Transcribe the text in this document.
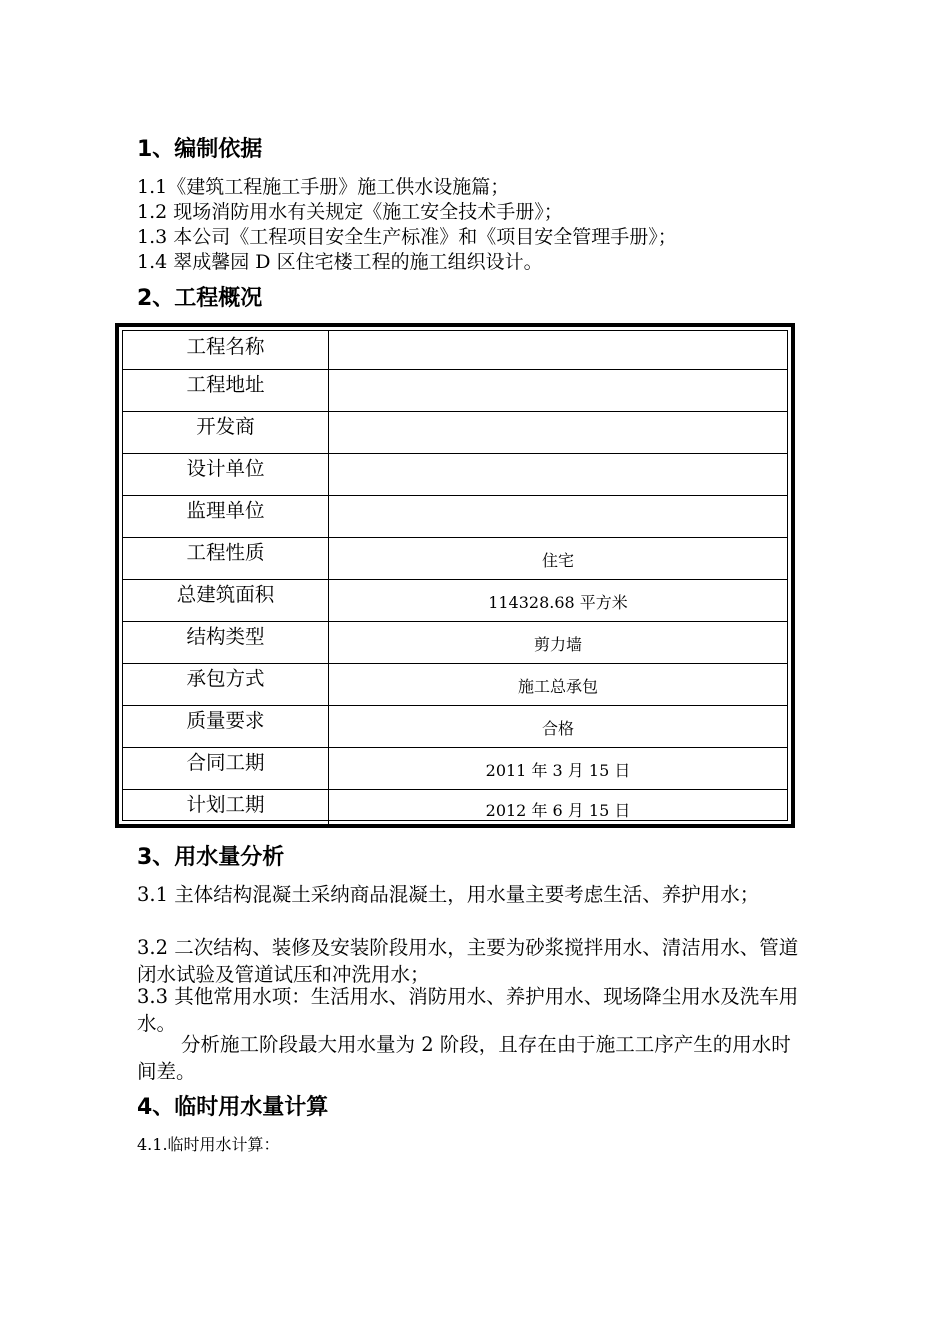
1、编制依据
1.1《建筑工程施工手册》施工供水设施篇；
1.2 现场消防用水有关规定《施工安全技术手册》；
1.3 本公司《工程项目安全生产标准》和《项目安全管理手册》；
1.4 翠成馨园 D 区住宅楼工程的施工组织设计。
2、工程概况
工程名称
工程地址
开发商
设计单位
监理单位
工程性质	住宅
总建筑面积	114328.68 平方米
结构类型	剪力墙
承包方式	施工总承包
质量要求	合格
合同工期	2011 年 3 月 15 日
计划工期	2012 年 6 月 15 日
3、用水量分析
3.1 主体结构混凝土采纳商品混凝土，用水量主要考虑生活、养护用水；
3.2 二次结构、装修及安装阶段用水，主要为砂浆搅拌用水、清洁用水、管道闭水试验及管道试压和冲洗用水；
3.3 其他常用水项：生活用水、消防用水、养护用水、现场降尘用水及洗车用水。
分析施工阶段最大用水量为 2 阶段，且存在由于施工工序产生的用水时间差。
4、临时用水量计算
4.1.临时用水计算：
